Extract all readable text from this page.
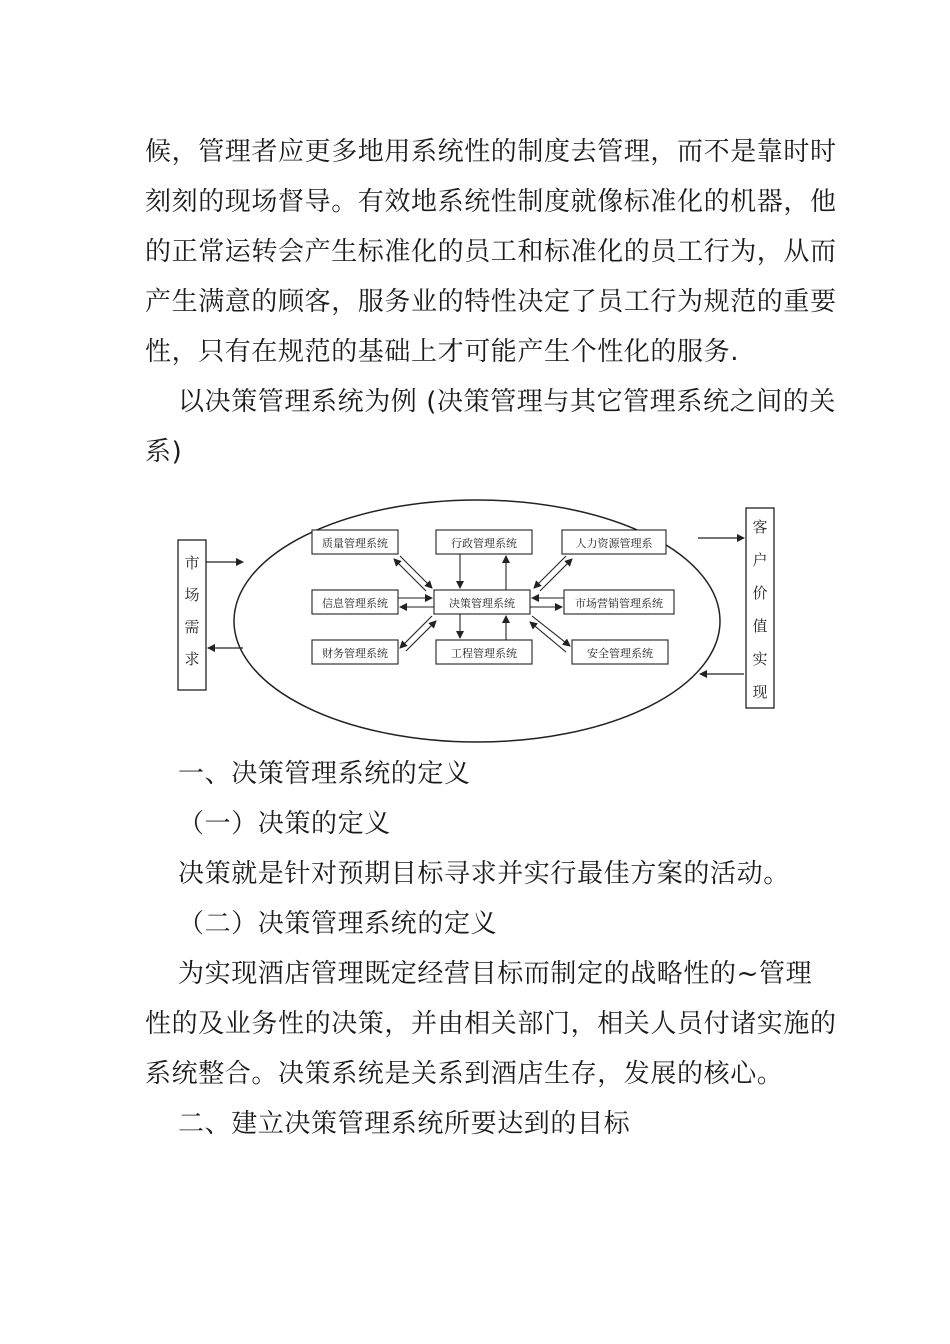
候，管理者应更多地用系统性的制度去管理，而不是靠时时
刻刻的现场督导。有效地系统性制度就像标准化的机器，他
的正常运转会产生标准化的员工和标准化的员工行为，从而
产生满意的顾客，服务业的特性决定了员工行为规范的重要
性，只有在规范的基础上才可能产生个性化的服务.
以决策管理系统为例 (决策管理与其它管理系统之间的关
系)
市
场
需
求
客
户
价
值
实
现
质量管理系统	行政管理系统	人力资源管理系
信息管理系统	决策管理系统	市场营销管理系统
财务管理系统	工程管理系统	安全管理系统
一、决策管理系统的定义
（一）决策的定义
决策就是针对预期目标寻求并实行最佳方案的活动。
（二）决策管理系统的定义
为实现酒店管理既定经营目标而制定的战略性的~管理
性的及业务性的决策，并由相关部门，相关人员付诸实施的
系统整合。决策系统是关系到酒店生存，发展的核心。
二、建立决策管理系统所要达到的目标
